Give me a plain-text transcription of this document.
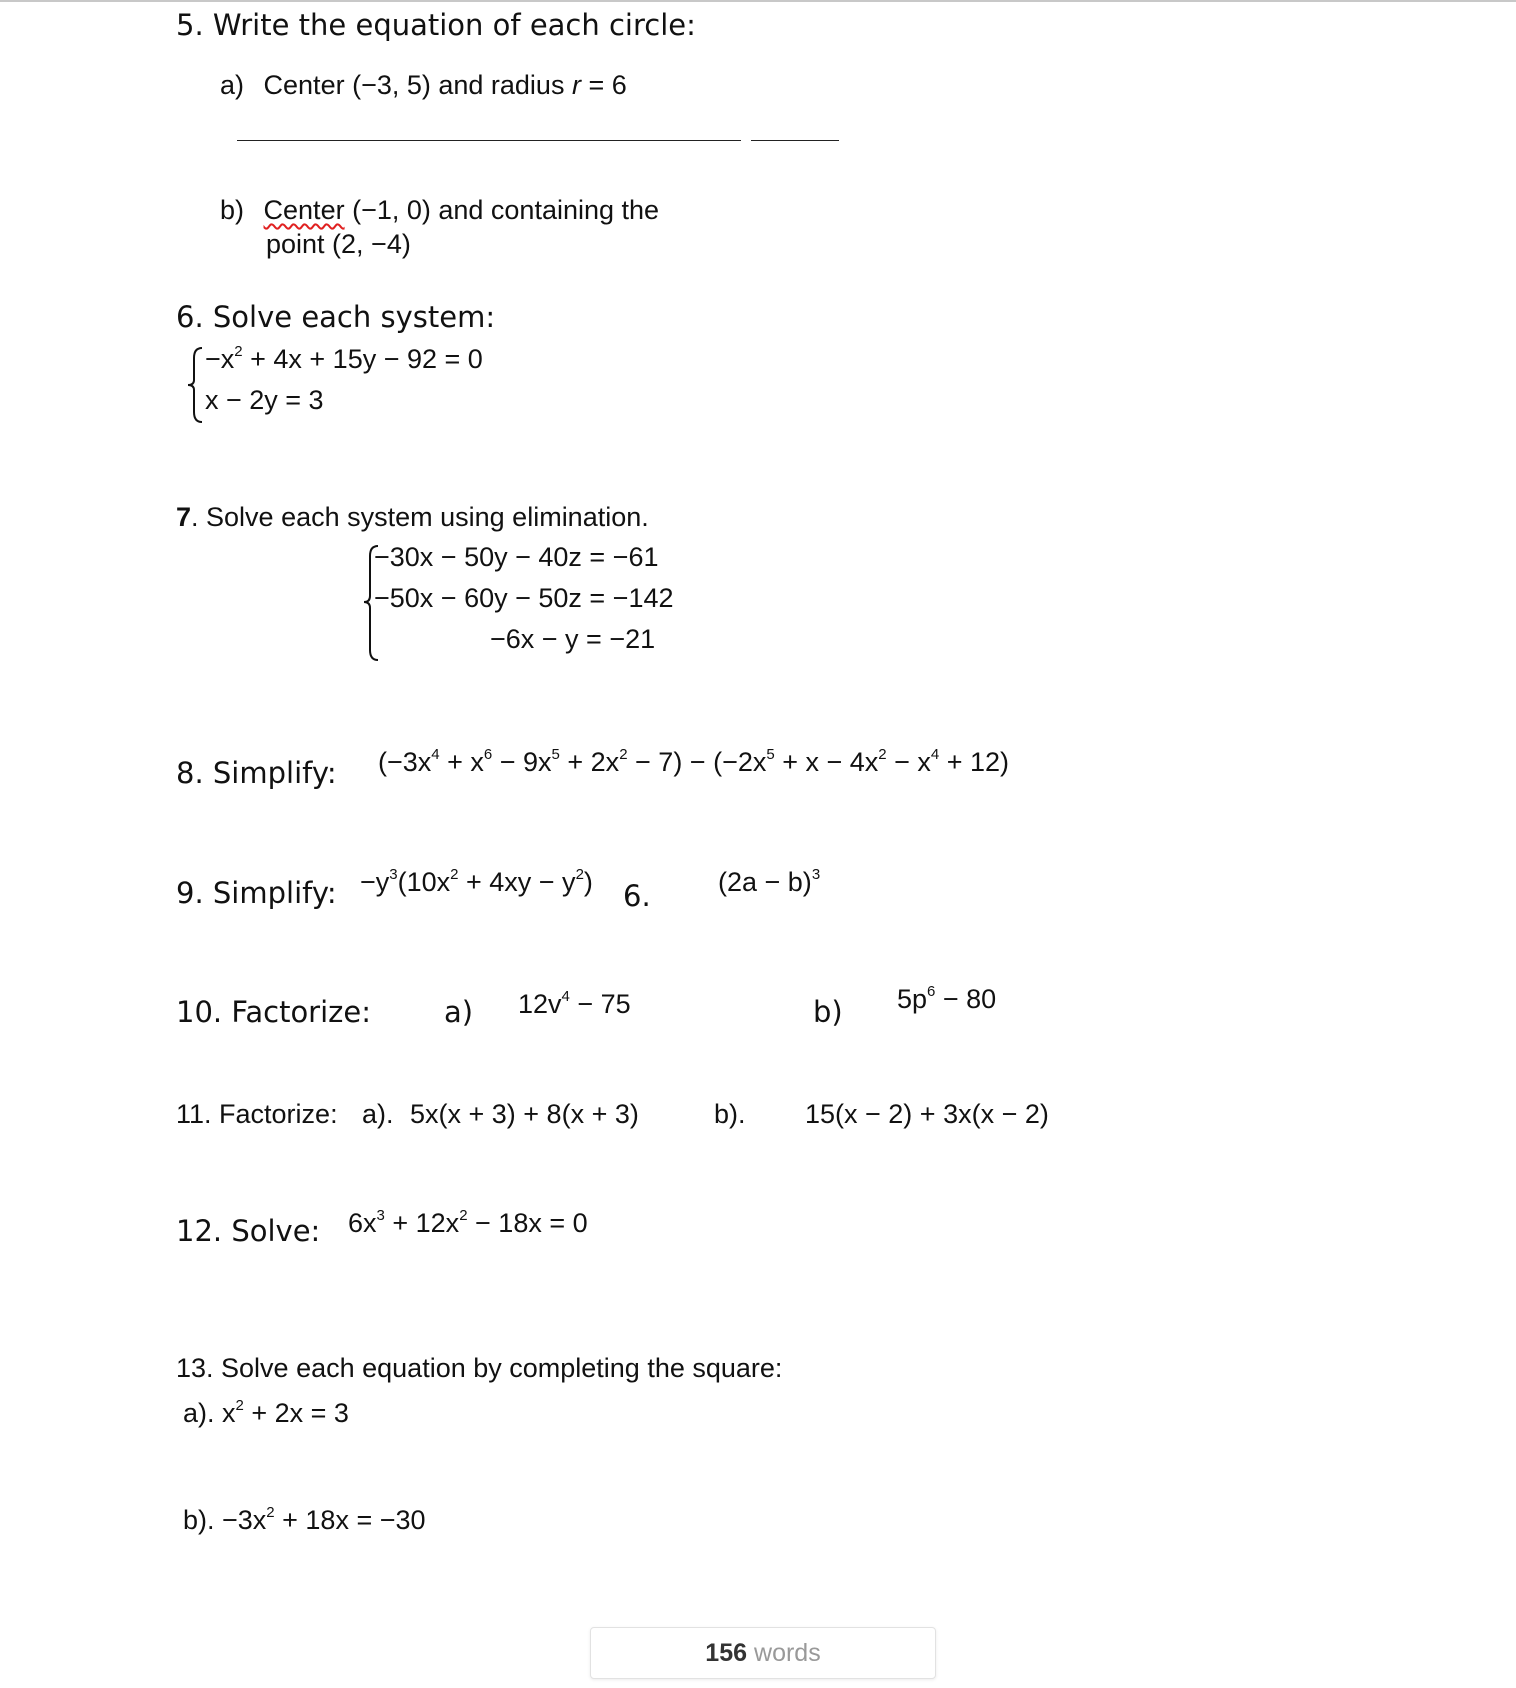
5. Write the equation of each circle:
a) Center (−3, 5) and radius r = 6

b) Center (−1, 0) and containing the
point (2, −4)
6. Solve each system:
$-x^2 + 4x + 15y - 92 = 0$
x − 2y = 3
7. Solve each system using elimination.
−30x − 50y − 40z = −61
−50x − 60y − 50z = −142
−6x − y = −21
8. Simplify: $(-3x^4 + x^6 - 9x^5 + 2x^2 - 7) - (-2x^5 + x - 4x^2 - x^4 + 12)$
9. Simplify: $-y^3(10x^2 + 4xy - y^2)$ 6. $(2a - b)^3$
10. Factorize:	a) $12v^4 - 75$	b) $5p^6 - 80$
11. Factorize: a). 5x(x + 3) + 8(x + 3)	b). 15(x − 2) + 3x(x − 2)
12. Solve: $6x^3 + 12x^2 - 18x = 0$
13. Solve each equation by completing the square:
a). $x^2 + 2x = 3$
b). $-3x^2 + 18x = -30$
156 words
